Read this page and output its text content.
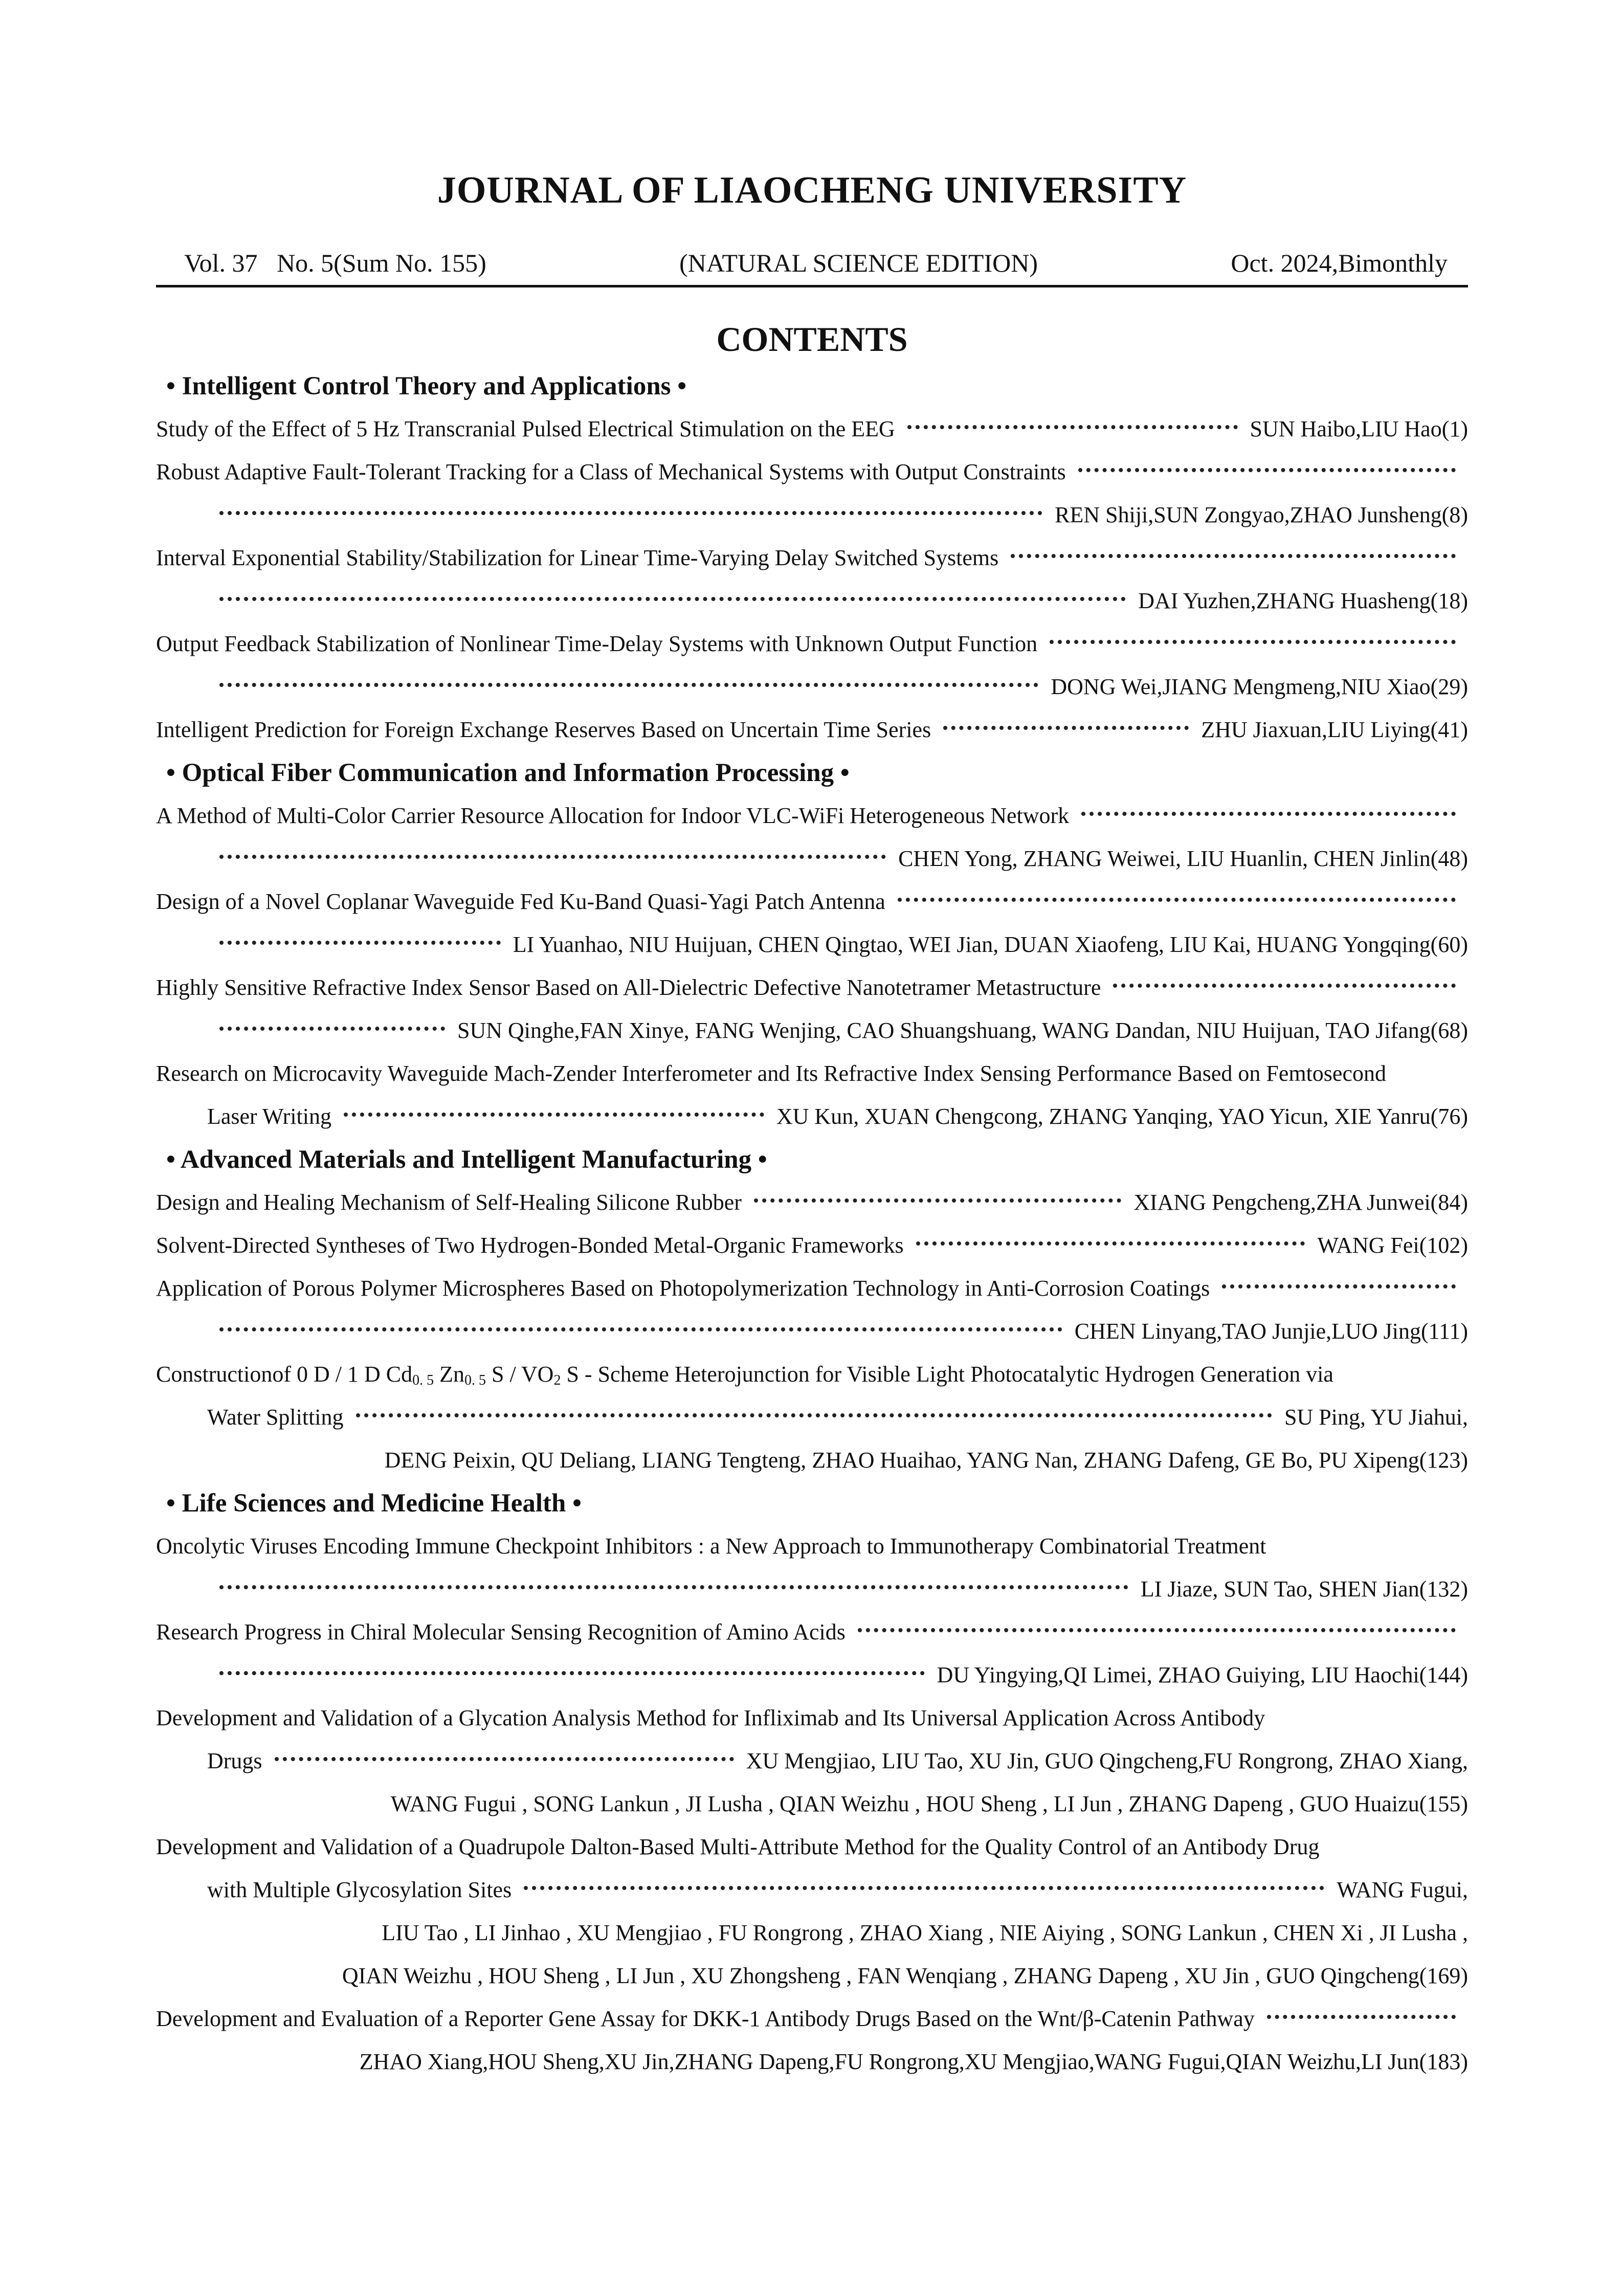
JOURNAL OF LIAOCHENG UNIVERSITY
Vol. 37 No. 5(Sum No. 155)	(NATURAL SCIENCE EDITION)	Oct. 2024,Bimonthly
CONTENTS
• Intelligent Control Theory and Applications •
Study of the Effect of 5 Hz Transcranial Pulsed Electrical Stimulation on the EEG	SUN Haibo,LIU Hao(1)
Robust Adaptive Fault-Tolerant Tracking for a Class of Mechanical Systems with Output Constraints
REN Shiji,SUN Zongyao,ZHAO Junsheng(8)
Interval Exponential Stability/Stabilization for Linear Time-Varying Delay Switched Systems
DAI Yuzhen,ZHANG Huasheng(18)
Output Feedback Stabilization of Nonlinear Time-Delay Systems with Unknown Output Function
DONG Wei,JIANG Mengmeng,NIU Xiao(29)
Intelligent Prediction for Foreign Exchange Reserves Based on Uncertain Time Series	ZHU Jiaxuan,LIU Liying(41)
• Optical Fiber Communication and Information Processing •
A Method of Multi-Color Carrier Resource Allocation for Indoor VLC-WiFi Heterogeneous Network
CHEN Yong, ZHANG Weiwei, LIU Huanlin, CHEN Jinlin(48)
Design of a Novel Coplanar Waveguide Fed Ku-Band Quasi-Yagi Patch Antenna
LI Yuanhao, NIU Huijuan, CHEN Qingtao, WEI Jian, DUAN Xiaofeng, LIU Kai, HUANG Yongqing(60)
Highly Sensitive Refractive Index Sensor Based on All-Dielectric Defective Nanotetramer Metastructure
SUN Qinghe,FAN Xinye, FANG Wenjing, CAO Shuangshuang, WANG Dandan, NIU Huijuan, TAO Jifang(68)
Research on Microcavity Waveguide Mach-Zender Interferometer and Its Refractive Index Sensing Performance Based on Femtosecond
Laser Writing	XU Kun, XUAN Chengcong, ZHANG Yanqing, YAO Yicun, XIE Yanru(76)
• Advanced Materials and Intelligent Manufacturing •
Design and Healing Mechanism of Self-Healing Silicone Rubber	XIANG Pengcheng,ZHA Junwei(84)
Solvent-Directed Syntheses of Two Hydrogen-Bonded Metal-Organic Frameworks	WANG Fei(102)
Application of Porous Polymer Microspheres Based on Photopolymerization Technology in Anti-Corrosion Coatings
CHEN Linyang,TAO Junjie,LUO Jing(111)
Constructionof 0 D / 1 D $Cd_{0. 5}$ $Zn_{0. 5}$ S / $VO_2$ S - Scheme Heterojunction for Visible Light Photocatalytic Hydrogen Generation via
Water Splitting	SU Ping, YU Jiahui,
DENG Peixin, QU Deliang, LIANG Tengteng, ZHAO Huaihao, YANG Nan, ZHANG Dafeng, GE Bo, PU Xipeng(123)
• Life Sciences and Medicine Health •
Oncolytic Viruses Encoding Immune Checkpoint Inhibitors : a New Approach to Immunotherapy Combinatorial Treatment
LI Jiaze, SUN Tao, SHEN Jian(132)
Research Progress in Chiral Molecular Sensing Recognition of Amino Acids
DU Yingying,QI Limei, ZHAO Guiying, LIU Haochi(144)
Development and Validation of a Glycation Analysis Method for Infliximab and Its Universal Application Across Antibody
Drugs	XU Mengjiao, LIU Tao, XU Jin, GUO Qingcheng,FU Rongrong, ZHAO Xiang,
WANG Fugui , SONG Lankun , JI Lusha , QIAN Weizhu , HOU Sheng , LI Jun , ZHANG Dapeng , GUO Huaizu(155)
Development and Validation of a Quadrupole Dalton-Based Multi-Attribute Method for the Quality Control of an Antibody Drug
with Multiple Glycosylation Sites	WANG Fugui,
LIU Tao , LI Jinhao , XU Mengjiao , FU Rongrong , ZHAO Xiang , NIE Aiying , SONG Lankun , CHEN Xi , JI Lusha ,
QIAN Weizhu , HOU Sheng , LI Jun , XU Zhongsheng , FAN Wenqiang , ZHANG Dapeng , XU Jin , GUO Qingcheng(169)
Development and Evaluation of a Reporter Gene Assay for DKK-1 Antibody Drugs Based on the Wnt/β-Catenin Pathway
ZHAO Xiang,HOU Sheng,XU Jin,ZHANG Dapeng,FU Rongrong,XU Mengjiao,WANG Fugui,QIAN Weizhu,LI Jun(183)
